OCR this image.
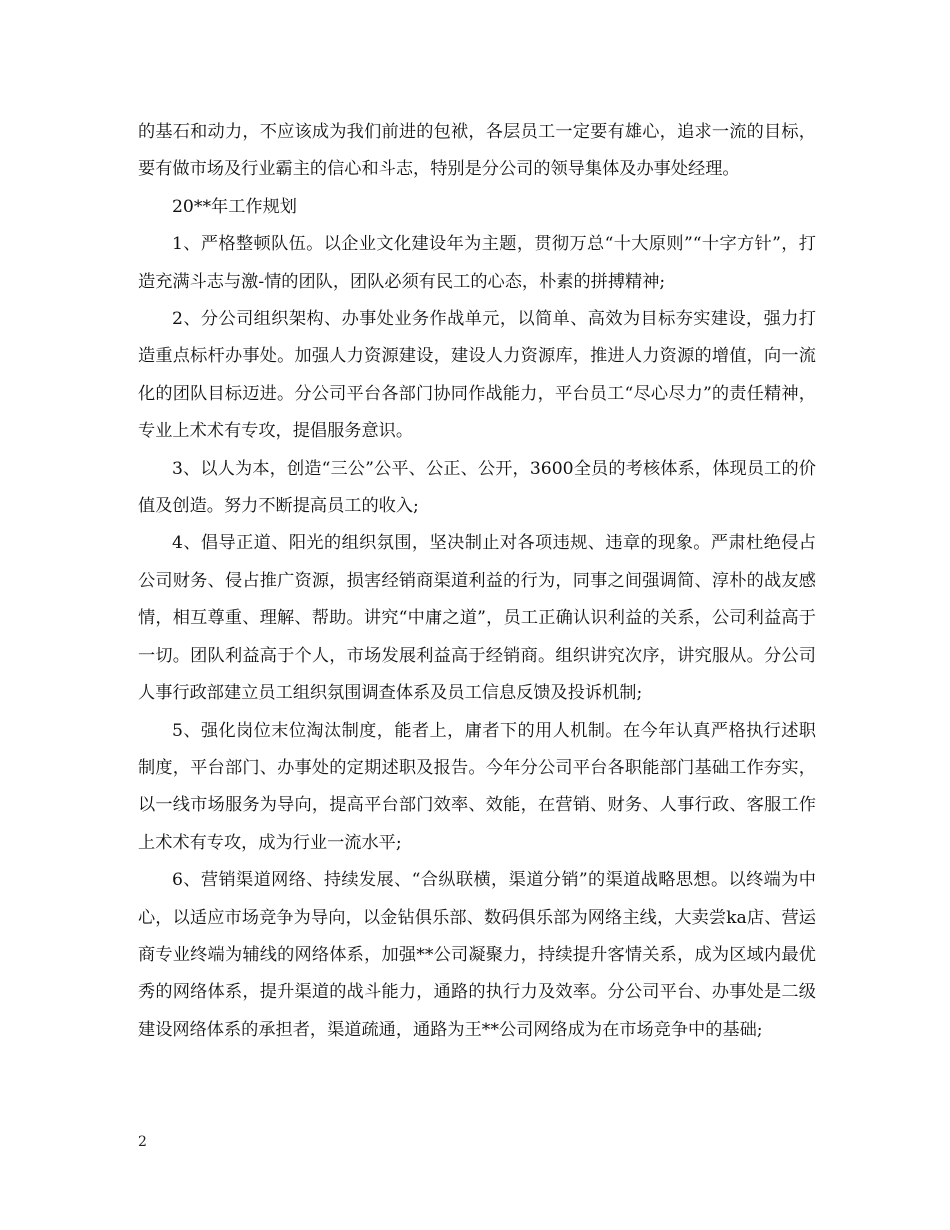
的基石和动力，不应该成为我们前进的包袱，各层员工一定要有雄心，追求一流的目标，要有做市场及行业霸主的信心和斗志，特别是分公司的领导集体及办事处经理。

20**年工作规划

1、严格整顿队伍。以企业文化建设年为主题，贯彻万总“十大原则”“十字方针”，打造充满斗志与激-情的团队，团队必须有民工的心态，朴素的拼搏精神;

2、分公司组织架构、办事处业务作战单元，以简单、高效为目标夯实建设，强力打造重点标杆办事处。加强人力资源建设，建设人力资源库，推进人力资源的增值，向一流化的团队目标迈进。分公司平台各部门协同作战能力，平台员工“尽心尽力”的责任精神，专业上术术有专攻，提倡服务意识。

3、以人为本，创造“三公”公平、公正、公开，3600全员的考核体系，体现员工的价值及创造。努力不断提高员工的收入;

4、倡导正道、阳光的组织氛围，坚决制止对各项违规、违章的现象。严肃杜绝侵占公司财务、侵占推广资源，损害经销商渠道利益的行为，同事之间强调简、淳朴的战友感情，相互尊重、理解、帮助。讲究“中庸之道”，员工正确认识利益的关系，公司利益高于一切。团队利益高于个人，市场发展利益高于经销商。组织讲究次序，讲究服从。分公司人事行政部建立员工组织氛围调查体系及员工信息反馈及投诉机制;

5、强化岗位末位淘汰制度，能者上，庸者下的用人机制。在今年认真严格执行述职制度，平台部门、办事处的定期述职及报告。今年分公司平台各职能部门基础工作夯实，以一线市场服务为导向，提高平台部门效率、效能，在营销、财务、人事行政、客服工作上术术有专攻，成为行业一流水平;

6、营销渠道网络、持续发展、“合纵联横，渠道分销”的渠道战略思想。以终端为中心，以适应市场竞争为导向，以金钻俱乐部、数码俱乐部为网络主线，大卖尝ka店、营运商专业终端为辅线的网络体系，加强**公司凝聚力，持续提升客情关系，成为区域内最优秀的网络体系，提升渠道的战斗能力，通路的执行力及效率。分公司平台、办事处是二级建设网络体系的承担者，渠道疏通，通路为王**公司网络成为在市场竞争中的基础;

2
